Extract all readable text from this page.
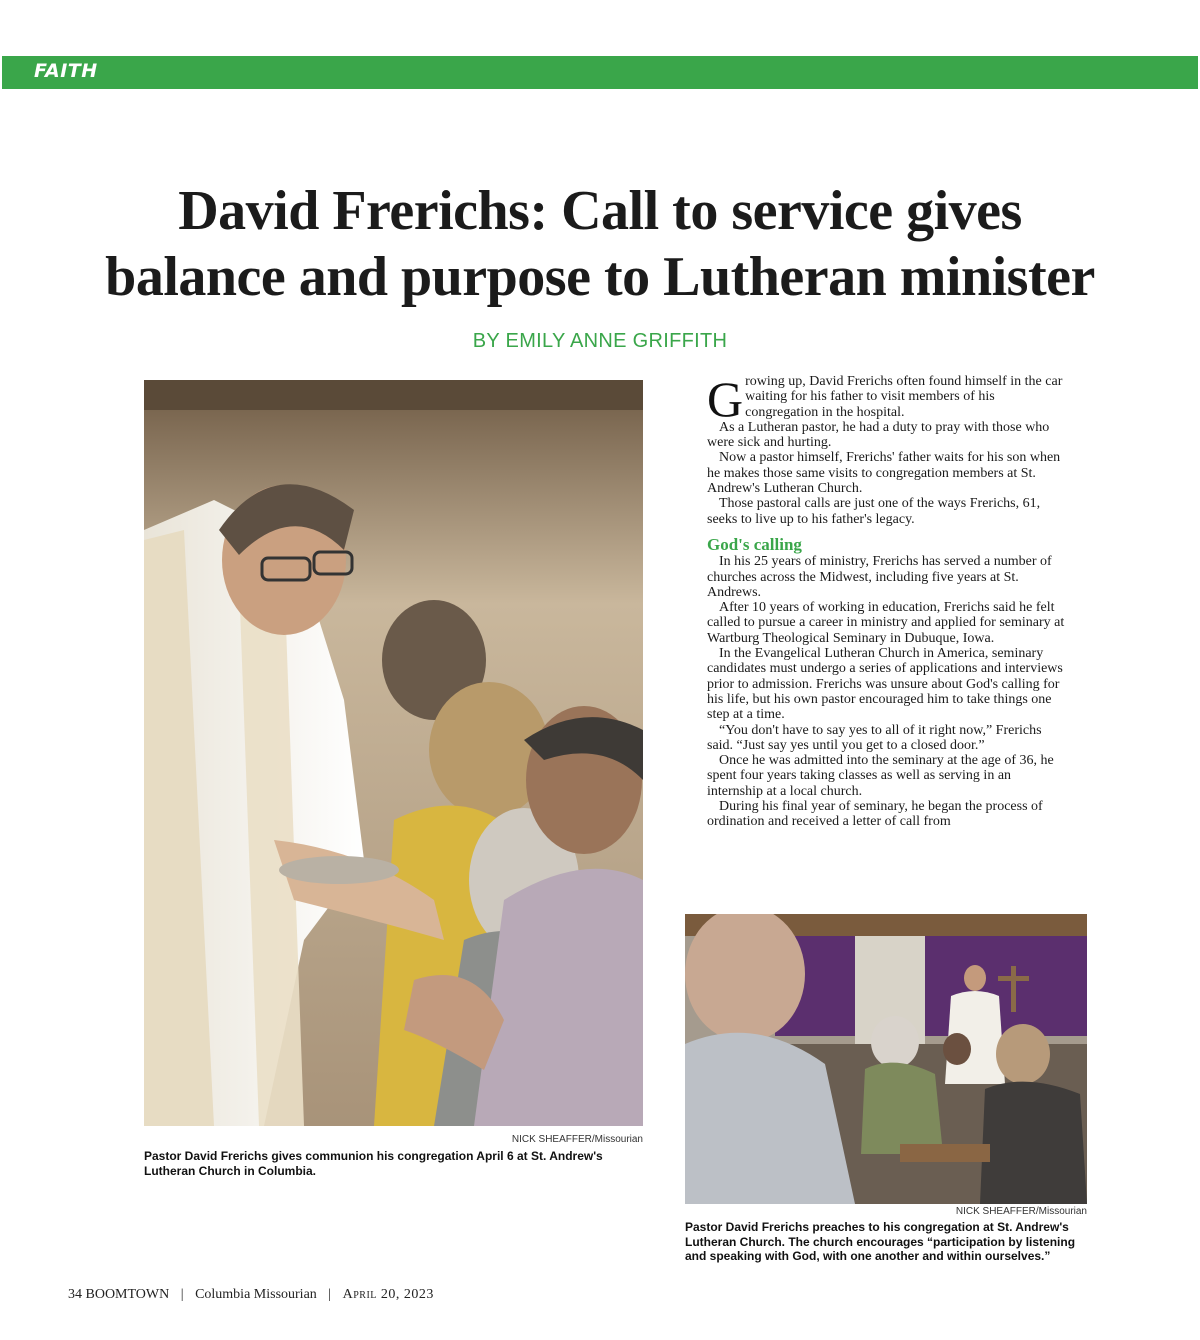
FAITH
David Frerichs: Call to service gives
balance and purpose to Lutheran minister
BY EMILY ANNE GRIFFITH
NICK SHEAFFER/Missourian
Pastor David Frerichs gives communion his congregation April 6 at St. Andrew's Lutheran Church in Columbia.

Growing up, David Frerichs often found himself in the car waiting for his father to visit members of his congregation in the hospital.

As a Lutheran pastor, he had a duty to pray with those who were sick and hurting.

Now a pastor himself, Frerichs' father waits for his son when he makes those same visits to congregation members at St. Andrew's Lutheran Church.

Those pastoral calls are just one of the ways Frerichs, 61, seeks to live up to his father's legacy.

God's calling

In his 25 years of ministry, Frerichs has served a number of churches across the Midwest, including five years at St. Andrews.

After 10 years of working in education, Frerichs said he felt called to pursue a career in ministry and applied for seminary at Wartburg Theological Seminary in Dubuque, Iowa.

In the Evangelical Lutheran Church in America, seminary candidates must undergo a series of applications and interviews prior to admission. Frerichs was unsure about God's calling for his life, but his own pastor encouraged him to take things one step at a time.

“You don't have to say yes to all of it right now,” Frerichs said. “Just say yes until you get to a closed door.”

Once he was admitted into the seminary at the age of 36, he spent four years taking classes as well as serving in an internship at a local church.

During his final year of seminary, he began the process of ordination and received a letter of call from

NICK SHEAFFER/Missourian
Pastor David Frerichs preaches to his congregation at St. Andrew's Lutheran Church. The church encourages “participation by listening and speaking with God, with one another and within ourselves.”
34 BOOMTOWN | Columbia Missourian | April 20, 2023
